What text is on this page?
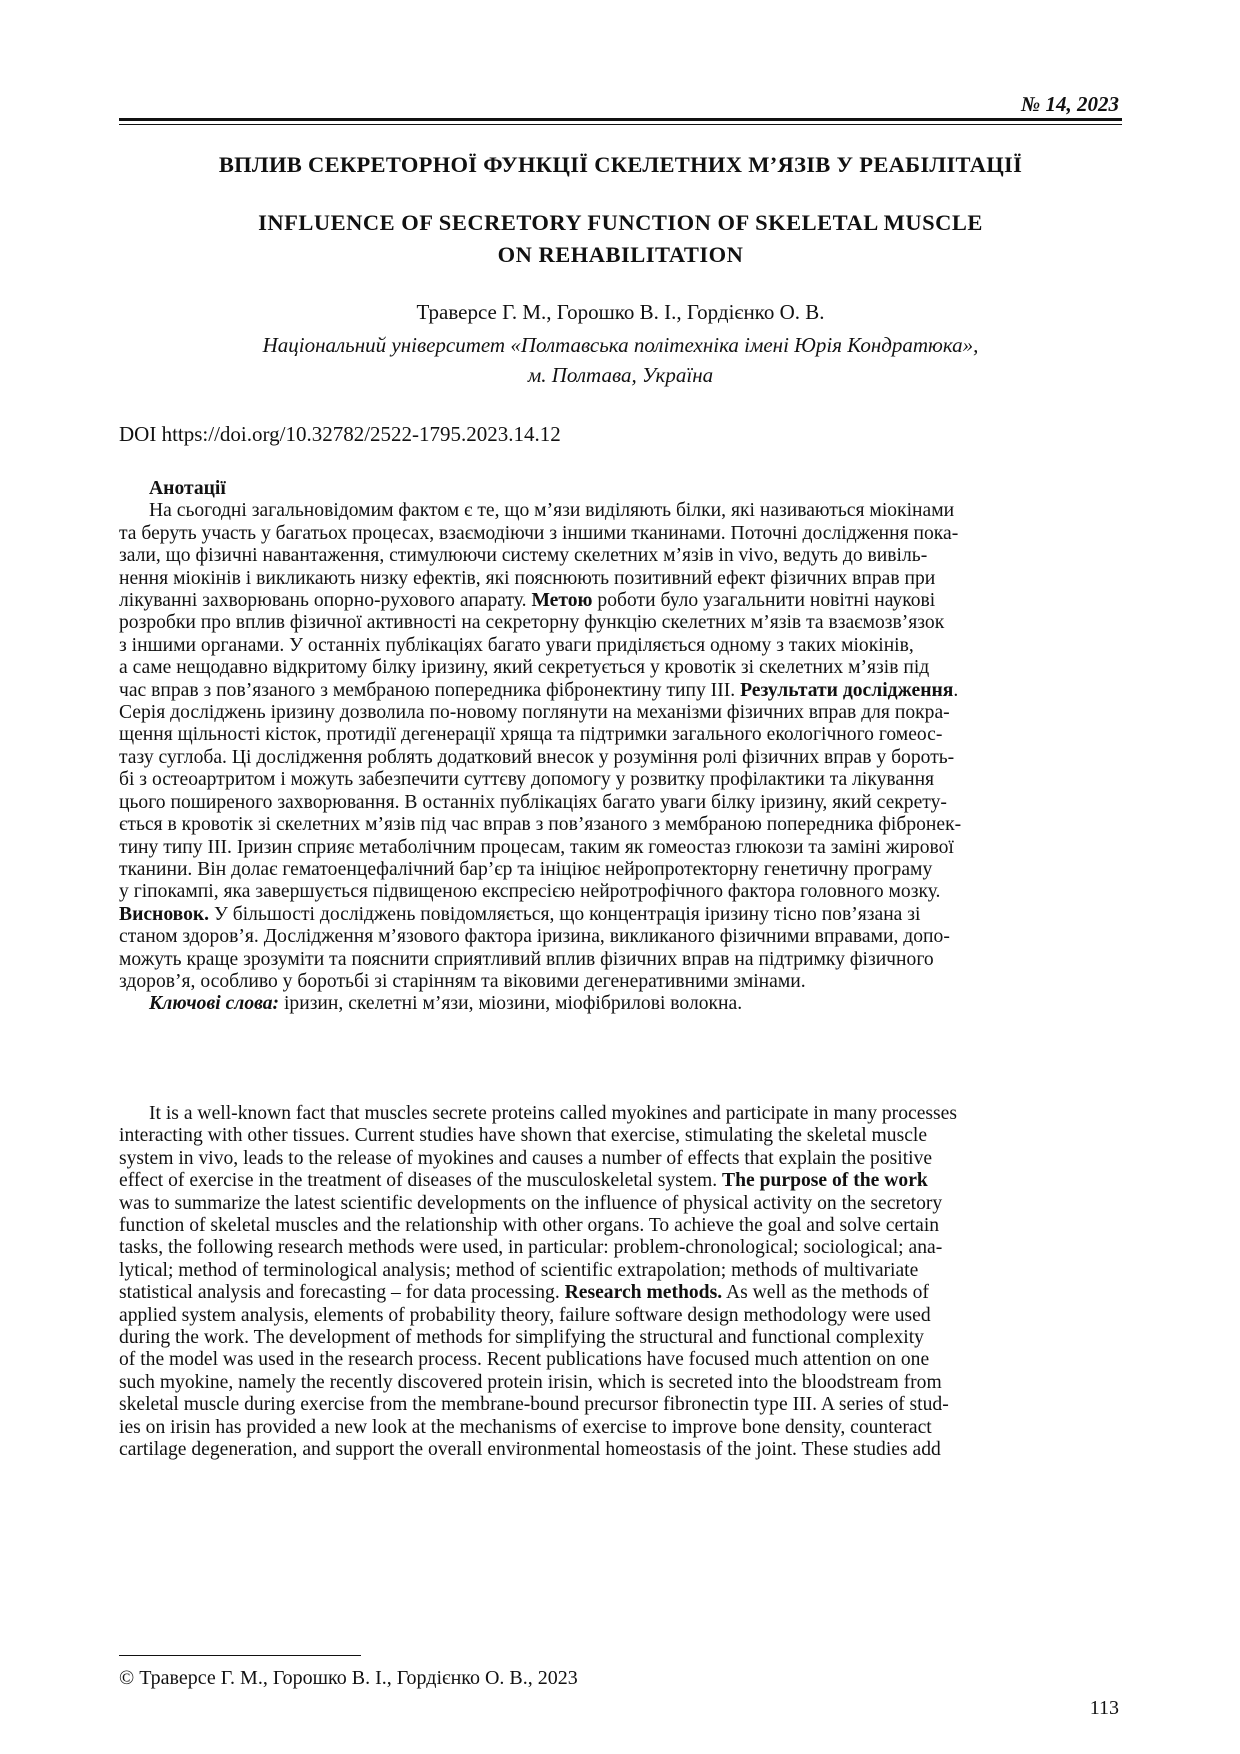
№ 14, 2023
ВПЛИВ СЕКРЕТОРНОЇ ФУНКЦІЇ СКЕЛЕТНИХ М’ЯЗІВ У РЕАБІЛІТАЦІЇ
INFLUENCE OF SECRETORY FUNCTION OF SKELETAL MUSCLE
ON REHABILITATION
Траверсе Г. М., Горошко В. І., Гордієнко О. В.
Національний університет «Полтавська політехніка імені Юрія Кондратюка»,
м. Полтава, Україна
DOI https://doi.org/10.32782/2522-1795.2023.14.12
Анотації
На сьогодні загальновідомим фактом є те, що м’язи виділяють білки, які називаються міокінами
та беруть участь у багатьох процесах, взаємодіючи з іншими тканинами. Поточні дослідження пока-
зали, що фізичні навантаження, стимулюючи систему скелетних м’язів in vivo, ведуть до вивіль-
нення міокінів і викликають низку ефектів, які пояснюють позитивний ефект фізичних вправ при
лікуванні захворювань опорно-рухового апарату. Метою роботи було узагальнити новітні наукові
розробки про вплив фізичної активності на секреторну функцію скелетних м’язів та взаємозв’язок
з іншими органами. У останніх публікаціях багато уваги приділяється одному з таких міокінів,
а саме нещодавно відкритому білку іризину, який секретується у кровотік зі скелетних м’язів під
час вправ з пов’язаного з мембраною попередника фібронектину типу ІІІ. Результати дослідження.
Серія досліджень іризину дозволила по-новому поглянути на механізми фізичних вправ для покра-
щення щільності кісток, протидії дегенерації хряща та підтримки загального екологічного гомеос-
тазу суглоба. Ці дослідження роблять додатковий внесок у розуміння ролі фізичних вправ у бороть-
бі з остеоартритом і можуть забезпечити суттєву допомогу у розвитку профілактики та лікування
цього поширеного захворювання. В останніх публікаціях багато уваги білку іризину, який секрету-
ється в кровотік зі скелетних м’язів під час вправ з пов’язаного з мембраною попередника фібронек-
тину типу ІІІ. Іризин сприяє метаболічним процесам, таким як гомеостаз глюкози та заміні жирової
тканини. Він долає гематоенцефалічний бар’єр та ініціює нейропротекторну генетичну програму
у гіпокампі, яка завершується підвищеною експресією нейротрофічного фактора головного мозку.
Висновок. У більшості досліджень повідомляється, що концентрація іризину тісно пов’язана зі
станом здоров’я. Дослідження м’язового фактора іризина, викликаного фізичними вправами, допо-
можуть краще зрозуміти та пояснити сприятливий вплив фізичних вправ на підтримку фізичного
здоров’я, особливо у боротьбі зі старінням та віковими дегенеративними змінами.
Ключові слова: іризин, скелетні м’язи, міозини, міофібрилові волокна.
It is a well-known fact that muscles secrete proteins called myokines and participate in many processes
interacting with other tissues. Current studies have shown that exercise, stimulating the skeletal muscle
system in vivo, leads to the release of myokines and causes a number of effects that explain the positive
effect of exercise in the treatment of diseases of the musculoskeletal system. The purpose of the work
was to summarize the latest scientific developments on the influence of physical activity on the secretory
function of skeletal muscles and the relationship with other organs. To achieve the goal and solve certain
tasks, the following research methods were used, in particular: problem-chronological; sociological; ana-
lytical; method of terminological analysis; method of scientific extrapolation; methods of multivariate
statistical analysis and forecasting – for data processing. Research methods. As well as the methods of
applied system analysis, elements of probability theory, failure software design methodology were used
during the work. The development of methods for simplifying the structural and functional complexity
of the model was used in the research process. Recent publications have focused much attention on one
such myokine, namely the recently discovered protein irisin, which is secreted into the bloodstream from
skeletal muscle during exercise from the membrane-bound precursor fibronectin type III. A series of stud-
ies on irisin has provided a new look at the mechanisms of exercise to improve bone density, counteract
cartilage degeneration, and support the overall environmental homeostasis of the joint. These studies add
© Траверсе Г. М., Горошко В. І., Гордієнко О. В., 2023
113
